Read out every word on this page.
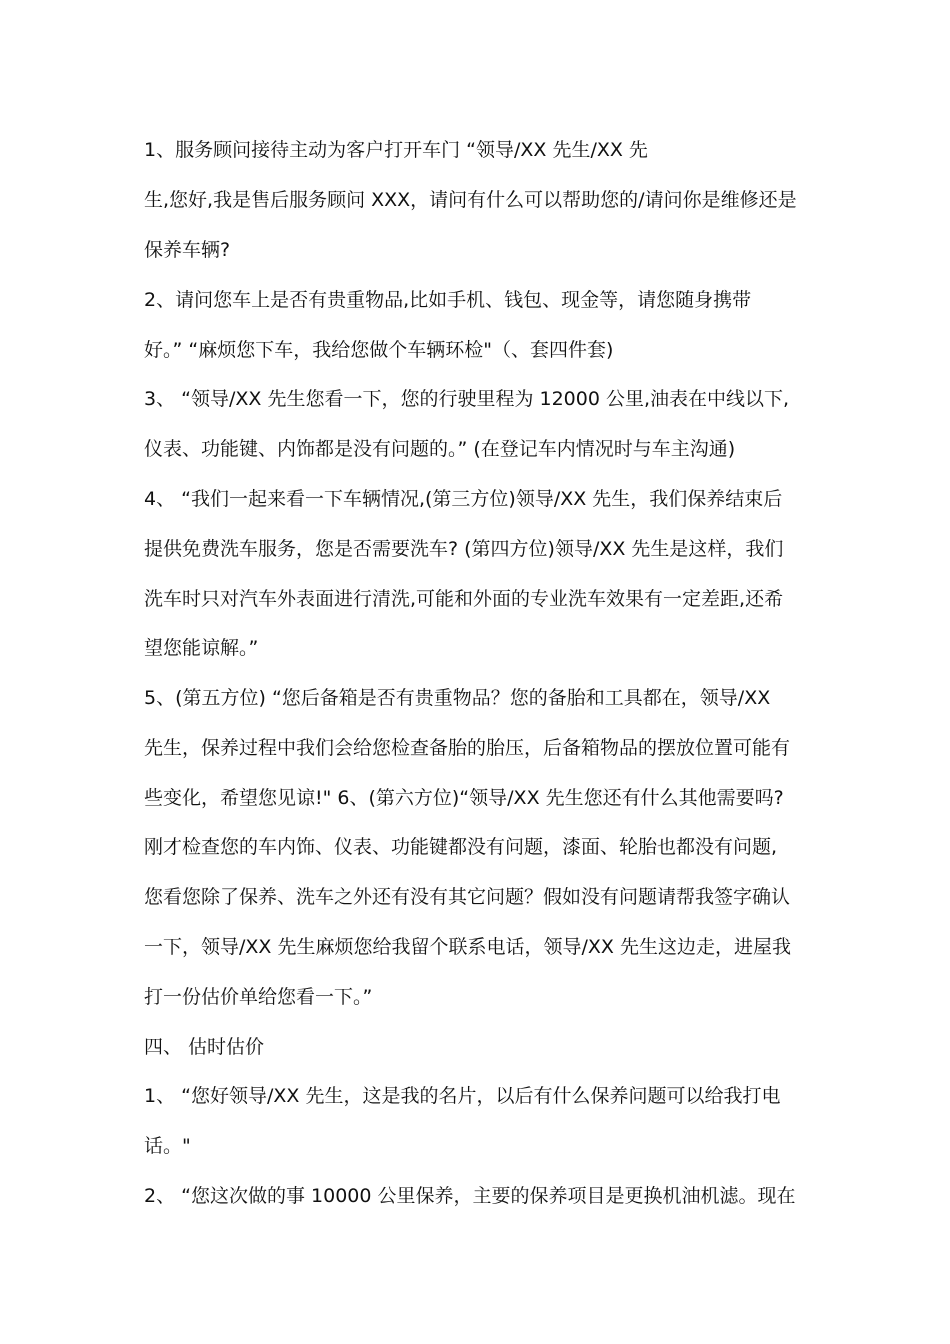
1、服务顾问接待主动为客户打开车门 “领导/XX 先生/XX 先
生,您好,我是售后服务顾问 XXX，请问有什么可以帮助您的/请问你是维修还是
保养车辆?
2、请问您车上是否有贵重物品,比如手机、钱包、现金等，请您随身携带
好。” “麻烦您下车，我给您做个车辆环检"（、套四件套)
3、 “领导/XX 先生您看一下，您的行驶里程为 12000 公里,油表在中线以下,
仪表、功能键、内饰都是没有问题的。” (在登记车内情况时与车主沟通)
4、 “我们一起来看一下车辆情况,(第三方位)领导/XX 先生，我们保养结束后
提供免费洗车服务，您是否需要洗车? (第四方位)领导/XX 先生是这样，我们
洗车时只对汽车外表面进行清洗,可能和外面的专业洗车效果有一定差距,还希
望您能谅解。”
5、(第五方位) “您后备箱是否有贵重物品？您的备胎和工具都在，领导/XX
先生，保养过程中我们会给您检查备胎的胎压，后备箱物品的摆放位置可能有
些变化，希望您见谅!" 6、(第六方位)“领导/XX 先生您还有什么其他需要吗?
刚才检查您的车内饰、仪表、功能键都没有问题，漆面、轮胎也都没有问题,
您看您除了保养、洗车之外还有没有其它问题？假如没有问题请帮我签字确认
一下，领导/XX 先生麻烦您给我留个联系电话，领导/XX 先生这边走，进屋我
打一份估价单给您看一下。”
四、 估时估价
1、 “您好领导/XX 先生，这是我的名片，以后有什么保养问题可以给我打电
话。"
2、 “您这次做的事 10000 公里保养，主要的保养项目是更换机油机滤。现在
